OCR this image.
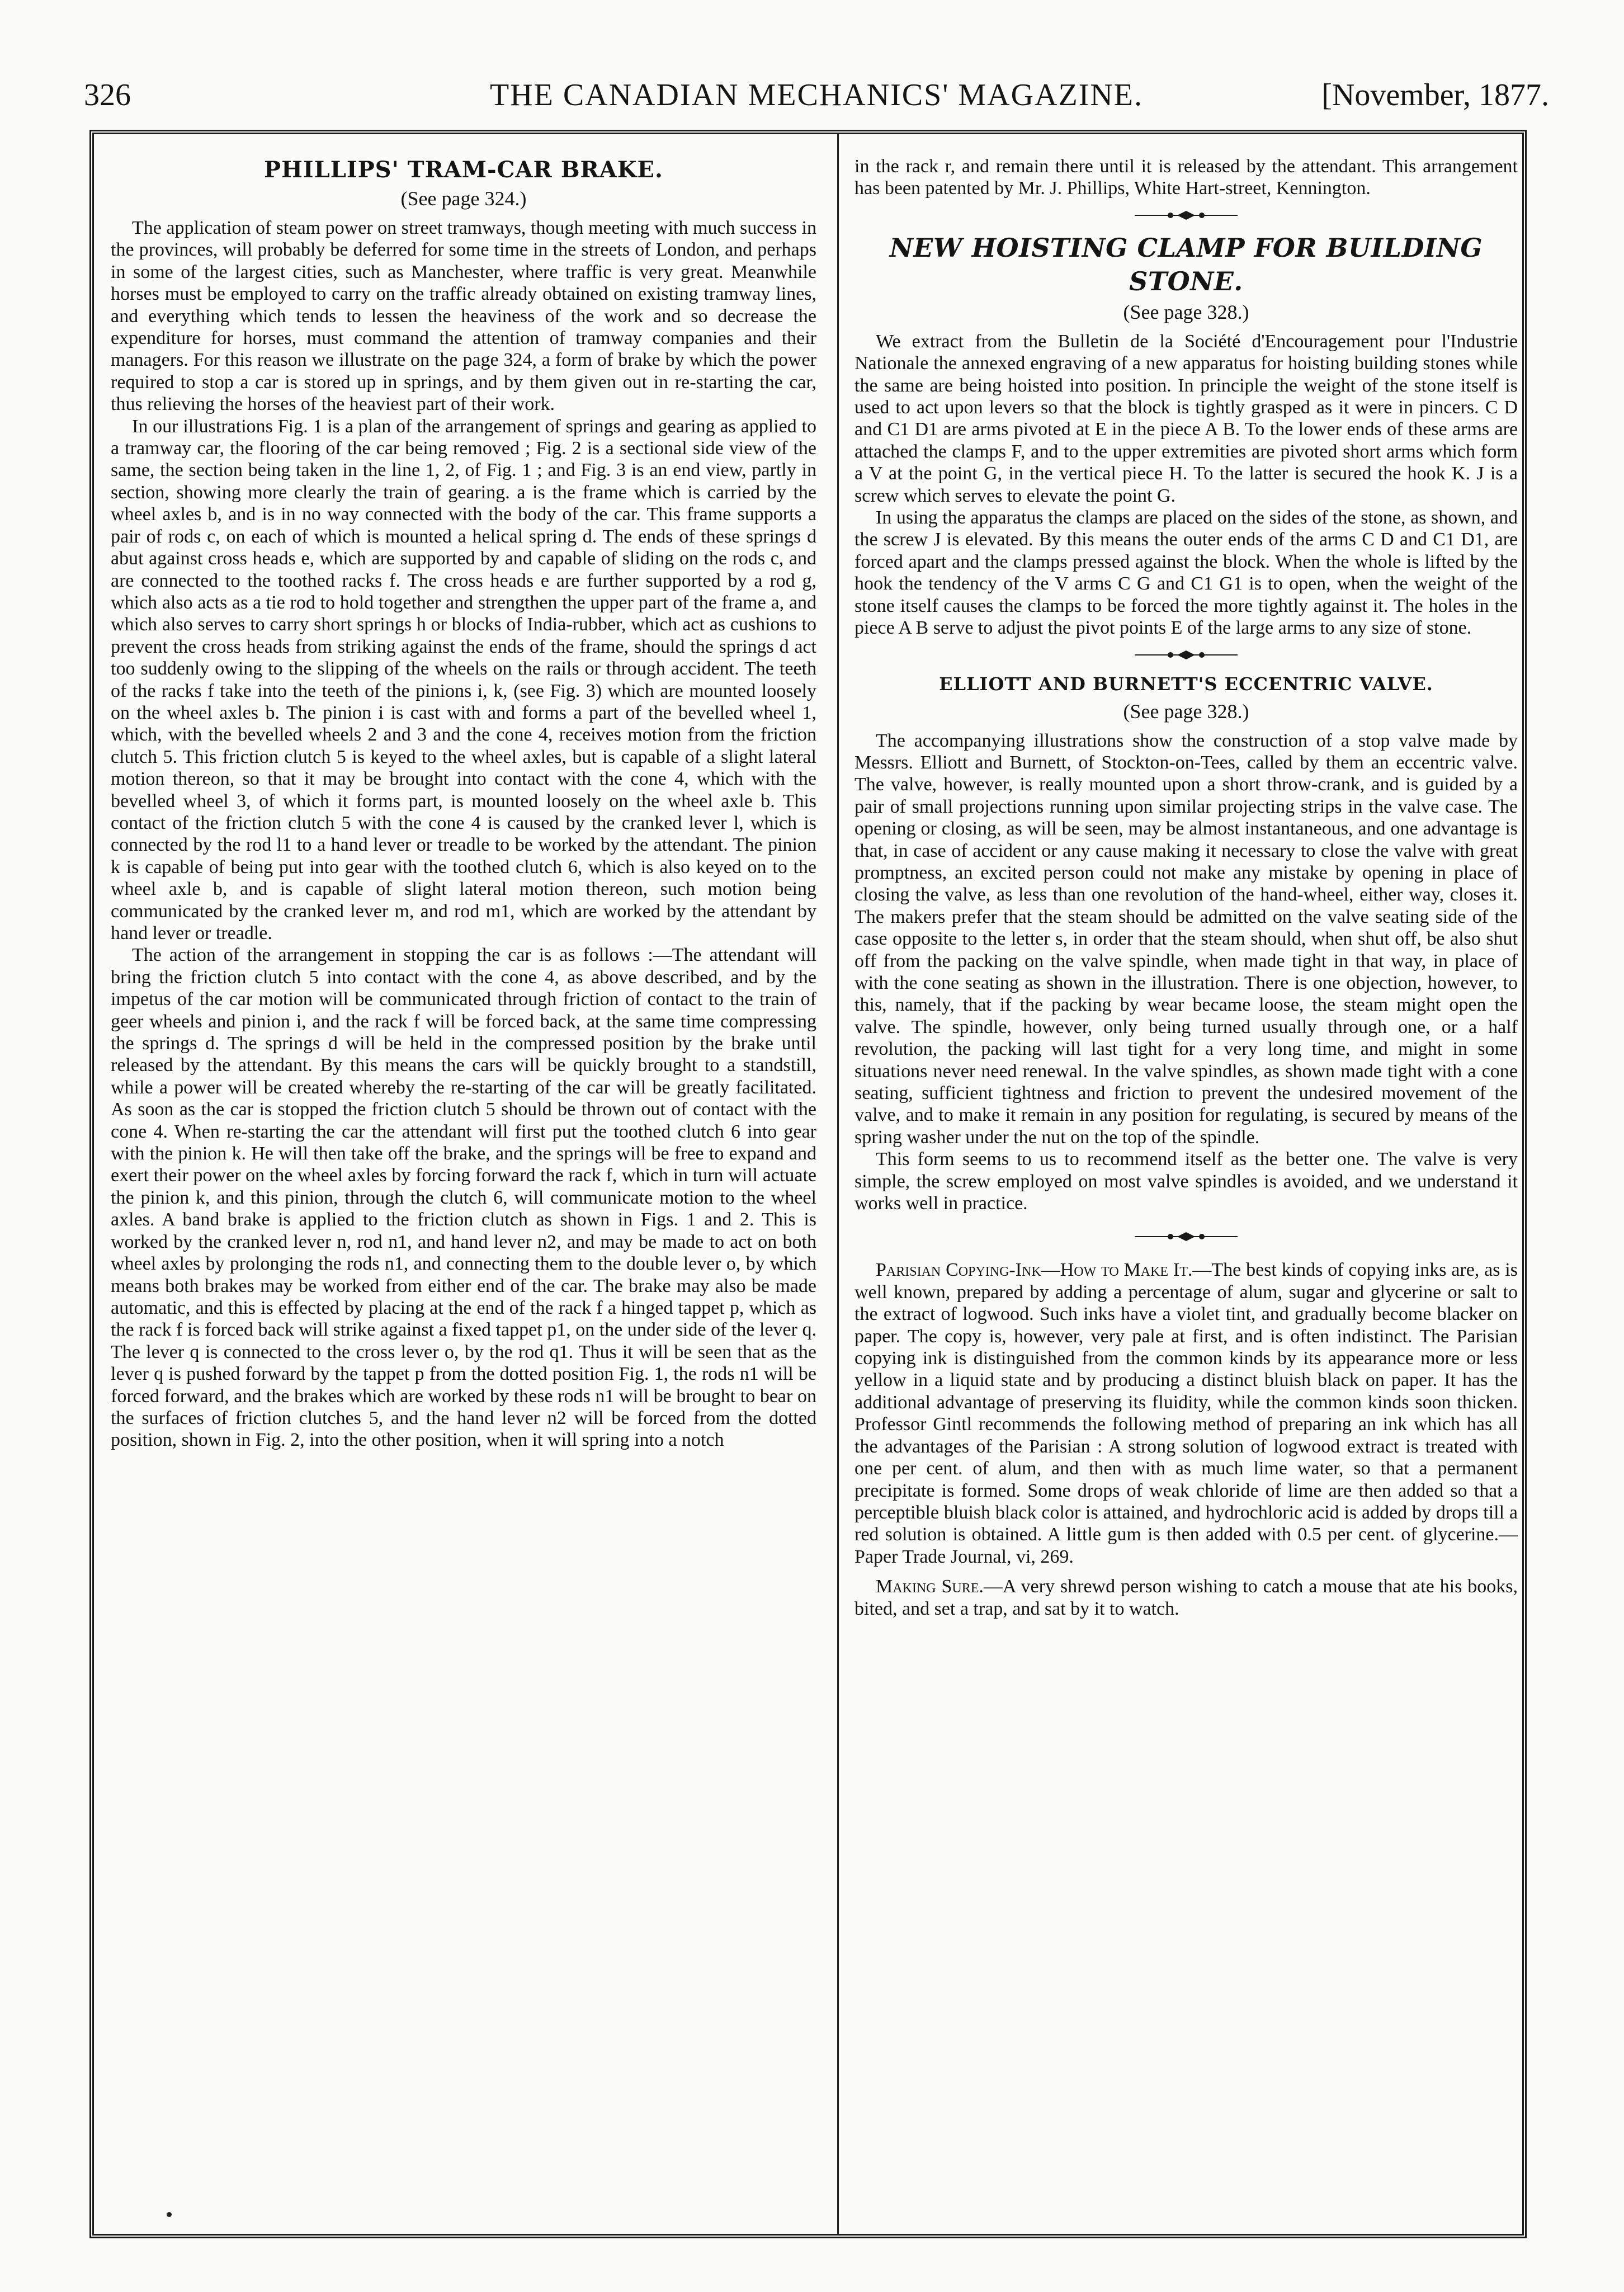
326	THE CANADIAN MECHANICS' MAGAZINE.	[November, 1877.
PHILLIPS' TRAM-CAR BRAKE.
(See page 324.)

The application of steam power on street tramways, though meeting with much success in the provinces, will probably be deferred for some time in the streets of London, and perhaps in some of the largest cities, such as Manchester, where traffic is very great. Meanwhile horses must be employed to carry on the traffic already obtained on existing tramway lines, and everything which tends to lessen the heaviness of the work and so decrease the expenditure for horses, must command the attention of tramway companies and their managers. For this reason we illustrate on the page 324, a form of brake by which the power required to stop a car is stored up in springs, and by them given out in re-starting the car, thus relieving the horses of the heaviest part of their work.

In our illustrations Fig. 1 is a plan of the arrangement of springs and gearing as applied to a tramway car, the flooring of the car being removed ; Fig. 2 is a sectional side view of the same, the section being taken in the line 1, 2, of Fig. 1 ; and Fig. 3 is an end view, partly in section, showing more clearly the train of gearing. a is the frame which is carried by the wheel axles b, and is in no way connected with the body of the car. This frame supports a pair of rods c, on each of which is mounted a helical spring d. The ends of these springs d abut against cross heads e, which are supported by and capable of sliding on the rods c, and are connected to the toothed racks f. The cross heads e are further supported by a rod g, which also acts as a tie rod to hold together and strengthen the upper part of the frame a, and which also serves to carry short springs h or blocks of India-rubber, which act as cushions to prevent the cross heads from striking against the ends of the frame, should the springs d act too suddenly owing to the slipping of the wheels on the rails or through accident. The teeth of the racks f take into the teeth of the pinions i, k, (see Fig. 3) which are mounted loosely on the wheel axles b. The pinion i is cast with and forms a part of the bevelled wheel 1, which, with the bevelled wheels 2 and 3 and the cone 4, receives motion from the friction clutch 5. This friction clutch 5 is keyed to the wheel axles, but is capable of a slight lateral motion thereon, so that it may be brought into contact with the cone 4, which with the bevelled wheel 3, of which it forms part, is mounted loosely on the wheel axle b. This contact of the friction clutch 5 with the cone 4 is caused by the cranked lever l, which is connected by the rod l1 to a hand lever or treadle to be worked by the attendant. The pinion k is capable of being put into gear with the toothed clutch 6, which is also keyed on to the wheel axle b, and is capable of slight lateral motion thereon, such motion being communicated by the cranked lever m, and rod m1, which are worked by the attendant by hand lever or treadle.

The action of the arrangement in stopping the car is as follows :—The attendant will bring the friction clutch 5 into contact with the cone 4, as above described, and by the impetus of the car motion will be communicated through friction of contact to the train of geer wheels and pinion i, and the rack f will be forced back, at the same time compressing the springs d. The springs d will be held in the compressed position by the brake until released by the attendant. By this means the cars will be quickly brought to a standstill, while a power will be created whereby the re-starting of the car will be greatly facilitated. As soon as the car is stopped the friction clutch 5 should be thrown out of contact with the cone 4. When re-starting the car the attendant will first put the toothed clutch 6 into gear with the pinion k. He will then take off the brake, and the springs will be free to expand and exert their power on the wheel axles by forcing forward the rack f, which in turn will actuate the pinion k, and this pinion, through the clutch 6, will communicate motion to the wheel axles. A band brake is applied to the friction clutch as shown in Figs. 1 and 2. This is worked by the cranked lever n, rod n1, and hand lever n2, and may be made to act on both wheel axles by prolonging the rods n1, and connecting them to the double lever o, by which means both brakes may be worked from either end of the car. The brake may also be made automatic, and this is effected by placing at the end of the rack f a hinged tappet p, which as the rack f is forced back will strike against a fixed tappet p1, on the under side of the lever q. The lever q is connected to the cross lever o, by the rod q1. Thus it will be seen that as the lever q is pushed forward by the tappet p from the dotted position Fig. 1, the rods n1 will be forced forward, and the brakes which are worked by these rods n1 will be brought to bear on the surfaces of friction clutches 5, and the hand lever n2 will be forced from the dotted position, shown in Fig. 2, into the other position, when it will spring into a notch

in the rack r, and remain there until it is released by the attendant. This arrangement has been patented by Mr. J. Phillips, White Hart-street, Kennington.

NEW HOISTING CLAMP FOR BUILDING STONE.
(See page 328.)

We extract from the Bulletin de la Société d'Encouragement pour l'Industrie Nationale the annexed engraving of a new apparatus for hoisting building stones while the same are being hoisted into position. In principle the weight of the stone itself is used to act upon levers so that the block is tightly grasped as it were in pincers. C D and C1 D1 are arms pivoted at E in the piece A B. To the lower ends of these arms are attached the clamps F, and to the upper extremities are pivoted short arms which form a V at the point G, in the vertical piece H. To the latter is secured the hook K. J is a screw which serves to elevate the point G.

In using the apparatus the clamps are placed on the sides of the stone, as shown, and the screw J is elevated. By this means the outer ends of the arms C D and C1 D1, are forced apart and the clamps pressed against the block. When the whole is lifted by the hook the tendency of the V arms C G and C1 G1 is to open, when the weight of the stone itself causes the clamps to be forced the more tightly against it. The holes in the piece A B serve to adjust the pivot points E of the large arms to any size of stone.

ELLIOTT AND BURNETT'S ECCENTRIC VALVE.
(See page 328.)

The accompanying illustrations show the construction of a stop valve made by Messrs. Elliott and Burnett, of Stockton-on-Tees, called by them an eccentric valve. The valve, however, is really mounted upon a short throw-crank, and is guided by a pair of small projections running upon similar projecting strips in the valve case. The opening or closing, as will be seen, may be almost instantaneous, and one advantage is that, in case of accident or any cause making it necessary to close the valve with great promptness, an excited person could not make any mistake by opening in place of closing the valve, as less than one revolution of the hand-wheel, either way, closes it. The makers prefer that the steam should be admitted on the valve seating side of the case opposite to the letter s, in order that the steam should, when shut off, be also shut off from the packing on the valve spindle, when made tight in that way, in place of with the cone seating as shown in the illustration. There is one objection, however, to this, namely, that if the packing by wear became loose, the steam might open the valve. The spindle, however, only being turned usually through one, or a half revolution, the packing will last tight for a very long time, and might in some situations never need renewal. In the valve spindles, as shown made tight with a cone seating, sufficient tightness and friction to prevent the undesired movement of the valve, and to make it remain in any position for regulating, is secured by means of the spring washer under the nut on the top of the spindle.

This form seems to us to recommend itself as the better one. The valve is very simple, the screw employed on most valve spindles is avoided, and we understand it works well in practice.

Parisian Copying-Ink—How to Make It.—The best kinds of copying inks are, as is well known, prepared by adding a percentage of alum, sugar and glycerine or salt to the extract of logwood. Such inks have a violet tint, and gradually become blacker on paper. The copy is, however, very pale at first, and is often indistinct. The Parisian copying ink is distinguished from the common kinds by its appearance more or less yellow in a liquid state and by producing a distinct bluish black on paper. It has the additional advantage of preserving its fluidity, while the common kinds soon thicken. Professor Gintl recommends the following method of preparing an ink which has all the advantages of the Parisian : A strong solution of logwood extract is treated with one per cent. of alum, and then with as much lime water, so that a permanent precipitate is formed. Some drops of weak chloride of lime are then added so that a perceptible bluish black color is attained, and hydrochloric acid is added by drops till a red solution is obtained. A little gum is then added with 0.5 per cent. of glycerine.—Paper Trade Journal, vi, 269.

Making Sure.—A very shrewd person wishing to catch a mouse that ate his books, bited, and set a trap, and sat by it to watch.
